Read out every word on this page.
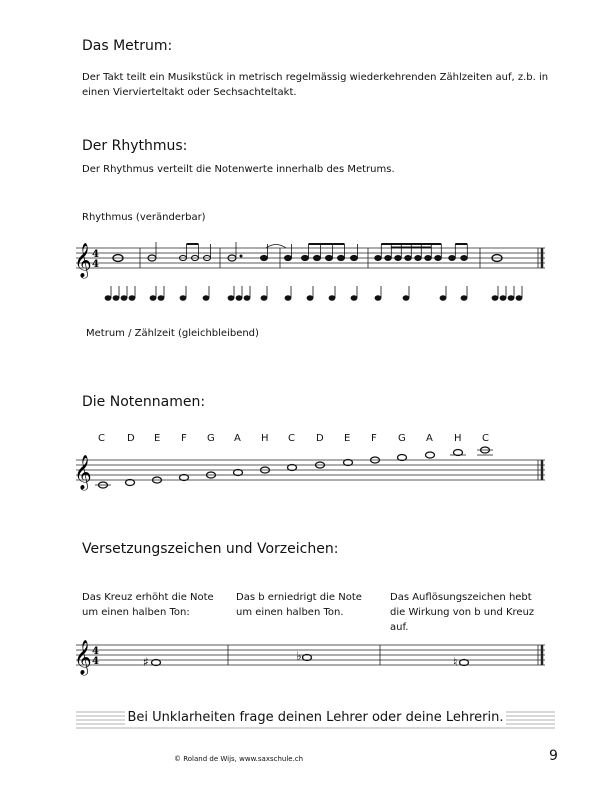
Das Metrum:
Der Takt teilt ein Musikstück in metrisch regelmässig wiederkehrenden Zählzeiten auf, z.b. in einen Viervierteltakt oder Sechsachteltakt.
Der Rhythmus:
Der Rhythmus verteilt die Notenwerte innerhalb des Metrums.
Rhythmus (veränderbar)
Metrum / Zählzeit (gleichbleibend)
𝄞 4
4
Die Notennamen:
C D E F G A H C D E F G A H C
𝄞
Versetzungszeichen und Vorzeichen:
Das Kreuz erhöht die Note um einen halben Ton:
Das b erniedrigt die Note um einen halben Ton.
Das Auflösungszeichen hebt die Wirkung von b und Kreuz auf.
𝄞 4
4	♯	♭	♮
Bei Unklarheiten frage deinen Lehrer oder deine Lehrerin.
© Roland de Wijs, www.saxschule.ch	9
